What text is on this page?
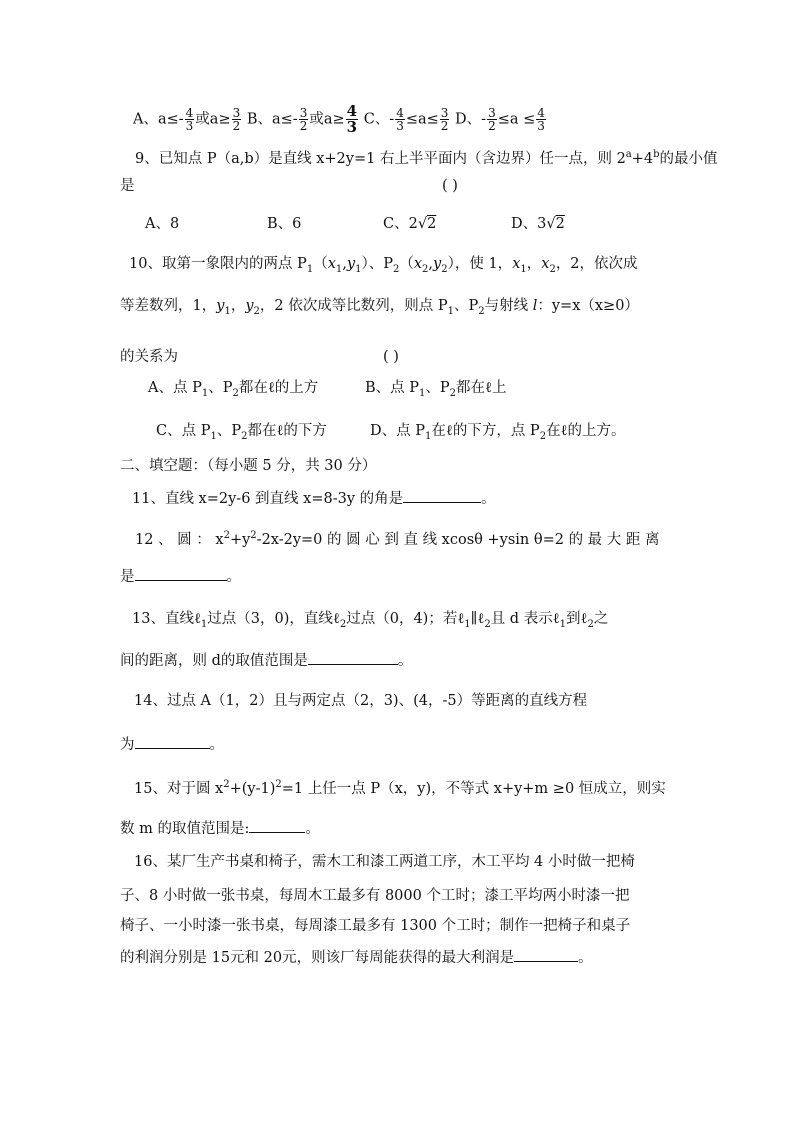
A、$a\le- \frac{4}{3}$ 或$a\ge \frac{3}{2}$ B、$a\le- \frac{3}{2}$ 或$a\ge \frac{4}{3}$ C、- $\frac{4}{3} \le a\le \frac{3}{2}$ D、- $\frac{3}{2} \le a \le \frac{4}{3}$
9、已知点 P（a,b）是直线 x+2y=1 右上半平面内（含边界）任一点，则 $2^a+4^b$的最小值
是	( )
A、8	B、6	C、2√2	D、3√2
10、取第一象限内的两点 $P_1(x_1,y_1)$、$P_2(x_2,y_2)$，使 1，$x_1$，$x_2$，2，依次成
等差数列，1，$y_1$，$y_2$，2 依次成等比数列，则点 $P_1$、$P_2$与射线 l：y=x（x≥0）
的关系为	( )
A、点 $P_1$、$P_2$都在ℓ的上方	B、点 $P_1$、$P_2$都在ℓ上
C、点 $P_1$、$P_2$都在ℓ的下方	D、点 $P_1$在ℓ的下方，点 $P_2$在ℓ的上方。
二、填空题：（每小题 5 分，共 30 分）
11、直线 x=2y-6 到直线 x=8-3y 的角是	。
12 、 圆 ： $x^2+y^2-2x-2y=0$ 的 圆 心 到 直 线 xcosθ +ysin θ=2 的 最 大 距 离
是	。
13、直线ℓ$_1$过点（3，0)，直线ℓ$_2$过点（0，4)；若ℓ$_1$∥ℓ$_2$且 d 表示ℓ$_1$到ℓ$_2$之
间的距离，则 d的取值范围是	。
14、过点 A（1，2）且与两定点（2，3)、(4，-5）等距离的直线方程
为	。
15、对于圆 $x^2+(y-1)^2=1$ 上任一点 P（x，y)，不等式 x+y+m ≥0 恒成立，则实
数 m 的取值范围是:	。
16、某厂生产书桌和椅子，需木工和漆工两道工序，木工平均 4 小时做一把椅
子、8 小时做一张书桌，每周木工最多有 8000 个工时；漆工平均两小时漆一把
椅子、一小时漆一张书桌，每周漆工最多有 1300 个工时；制作一把椅子和桌子
的利润分别是 15元和 20元，则该厂每周能获得的最大利润是	。
